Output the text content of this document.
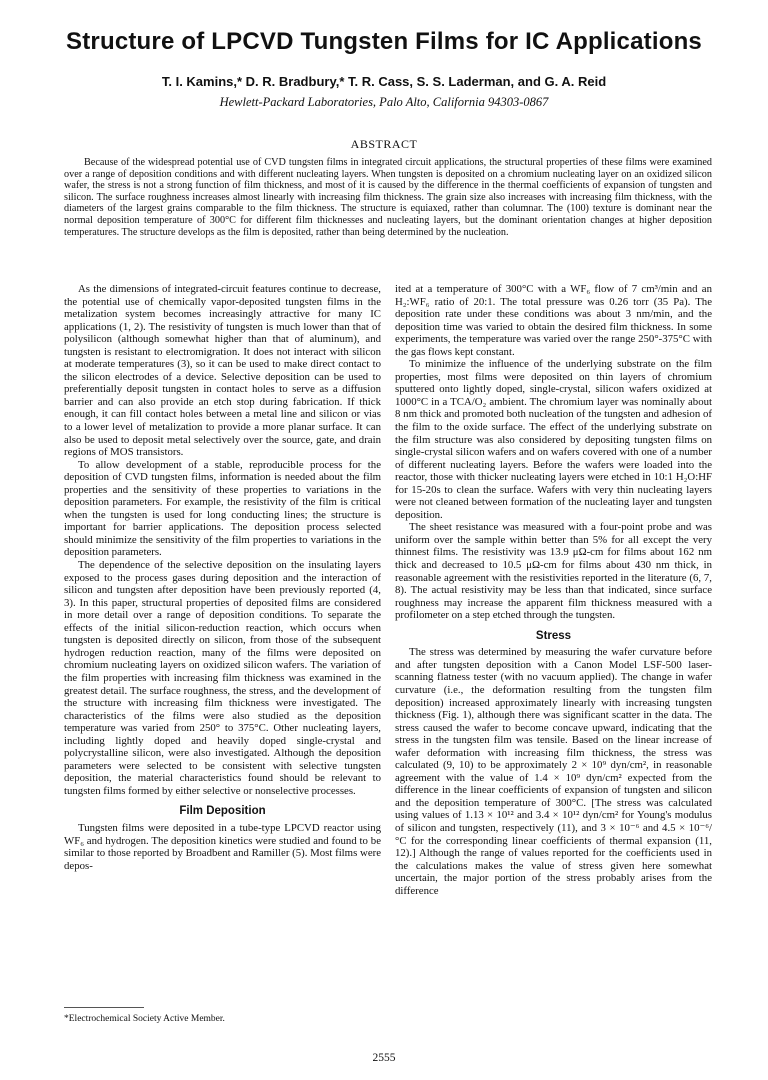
Structure of LPCVD Tungsten Films for IC Applications
T. I. Kamins,* D. R. Bradbury,* T. R. Cass, S. S. Laderman, and G. A. Reid
Hewlett-Packard Laboratories, Palo Alto, California 94303-0867
ABSTRACT

Because of the widespread potential use of CVD tungsten films in integrated circuit applications, the structural properties of these films were examined over a range of deposition conditions and with different nucleating layers. When tungsten is deposited on a chromium nucleating layer on an oxidized silicon wafer, the stress is not a strong function of film thickness, and most of it is caused by the difference in the thermal coefficients of expansion of tungsten and silicon. The surface roughness increases almost linearly with increasing film thickness. The grain size also increases with increasing film thickness, with the diameters of the largest grains comparable to the film thickness. The structure is equiaxed, rather than columnar. The (100) texture is dominant near the normal deposition temperature of 300°C for different film thicknesses and nucleating layers, but the dominant orientation changes at higher deposition temperatures. The structure develops as the film is deposited, rather than being determined by the nucleation.

As the dimensions of integrated-circuit features continue to decrease, the potential use of chemically vapor-deposited tungsten films in the metalization system becomes increasingly attractive for many IC applications (1, 2). The resistivity of tungsten is much lower than that of polysilicon (although somewhat higher than that of aluminum), and tungsten is resistant to electromigration. It does not interact with silicon at moderate temperatures (3), so it can be used to make direct contact to the silicon electrodes of a device. Selective deposition can be used to preferentially deposit tungsten in contact holes to serve as a diffusion barrier and can also provide an etch stop during fabrication. If thick enough, it can fill contact holes between a metal line and silicon or vias to a lower level of metalization to provide a more planar surface. It can also be used to deposit metal selectively over the source, gate, and drain regions of MOS transistors.

To allow development of a stable, reproducible process for the deposition of CVD tungsten films, information is needed about the film properties and the sensitivity of these properties to variations in the deposition parameters. For example, the resistivity of the film is critical when the tungsten is used for long conducting lines; the structure is important for barrier applications. The deposition process selected should minimize the sensitivity of the film properties to variations in the deposition parameters.

The dependence of the selective deposition on the insulating layers exposed to the process gases during deposition and the interaction of silicon and tungsten after deposition have been previously reported (4, 3). In this paper, structural properties of deposited films are considered in more detail over a range of deposition conditions. To separate the effects of the initial silicon-reduction reaction, which occurs when tungsten is deposited directly on silicon, from those of the subsequent hydrogen reduction reaction, many of the films were deposited on chromium nucleating layers on oxidized silicon wafers. The variation of the film properties with increasing film thickness was examined in the greatest detail. The surface roughness, the stress, and the development of the structure with increasing film thickness were investigated. The characteristics of the films were also studied as the deposition temperature was varied from 250° to 375°C. Other nucleating layers, including lightly doped and heavily doped single-crystal and polycrystalline silicon, were also investigated. Although the deposition parameters were selected to be consistent with selective tungsten deposition, the material characteristics found should be relevant to tungsten films formed by either selective or nonselective processes.

Film Deposition

Tungsten films were deposited in a tube-type LPCVD reactor using WF₆ and hydrogen. The deposition kinetics were studied and found to be similar to those reported by Broadbent and Ramiller (5). Most films were depos-

ited at a temperature of 300°C with a WF₆ flow of 7 cm³/min and an H₂:WF₆ ratio of 20:1. The total pressure was 0.26 torr (35 Pa). The deposition rate under these conditions was about 3 nm/min, and the deposition time was varied to obtain the desired film thickness. In some experiments, the temperature was varied over the range 250°-375°C with the gas flows kept constant.

To minimize the influence of the underlying substrate on the film properties, most films were deposited on thin layers of chromium sputtered onto lightly doped, single-crystal, silicon wafers oxidized at 1000°C in a TCA/O₂ ambient. The chromium layer was nominally about 8 nm thick and promoted both nucleation of the tungsten and adhesion of the film to the oxide surface. The effect of the underlying substrate on the film structure was also considered by depositing tungsten films on single-crystal silicon wafers and on wafers covered with one of a number of different nucleating layers. Before the wafers were loaded into the reactor, those with thicker nucleating layers were etched in 10:1 H₂O:HF for 15-20s to clean the surface. Wafers with very thin nucleating layers were not cleaned between formation of the nucleating layer and tungsten deposition.

The sheet resistance was measured with a four-point probe and was uniform over the sample within better than 5% for all except the very thinnest films. The resistivity was 13.9 μΩ-cm for films about 162 nm thick and decreased to 10.5 μΩ-cm for films about 430 nm thick, in reasonable agreement with the resistivities reported in the literature (6, 7, 8). The actual resistivity may be less than that indicated, since surface roughness may increase the apparent film thickness measured with a profilometer on a step etched through the tungsten.

Stress

The stress was determined by measuring the wafer curvature before and after tungsten deposition with a Canon Model LSF-500 laser-scanning flatness tester (with no vacuum applied). The change in wafer curvature (i.e., the deformation resulting from the tungsten film deposition) increased approximately linearly with increasing tungsten thickness (Fig. 1), although there was significant scatter in the data. The stress caused the wafer to become concave upward, indicating that the stress in the tungsten film was tensile. Based on the linear increase of wafer deformation with increasing film thickness, the stress was calculated (9, 10) to be approximately 2 × 10⁹ dyn/cm², in reasonable agreement with the value of 1.4 × 10⁹ dyn/cm² expected from the difference in the linear coefficients of expansion of tungsten and silicon and the deposition temperature of 300°C. [The stress was calculated using values of 1.13 × 10¹² and 3.4 × 10¹² dyn/cm² for Young's modulus of silicon and tungsten, respectively (11), and 3 × 10⁻⁶ and 4.5 × 10⁻⁶/°C for the corresponding linear coefficients of thermal expansion (11, 12).] Although the range of values reported for the coefficients used in the calculations makes the value of stress given here somewhat uncertain, the major portion of the stress probably arises from the difference

*Electrochemical Society Active Member.
2555
